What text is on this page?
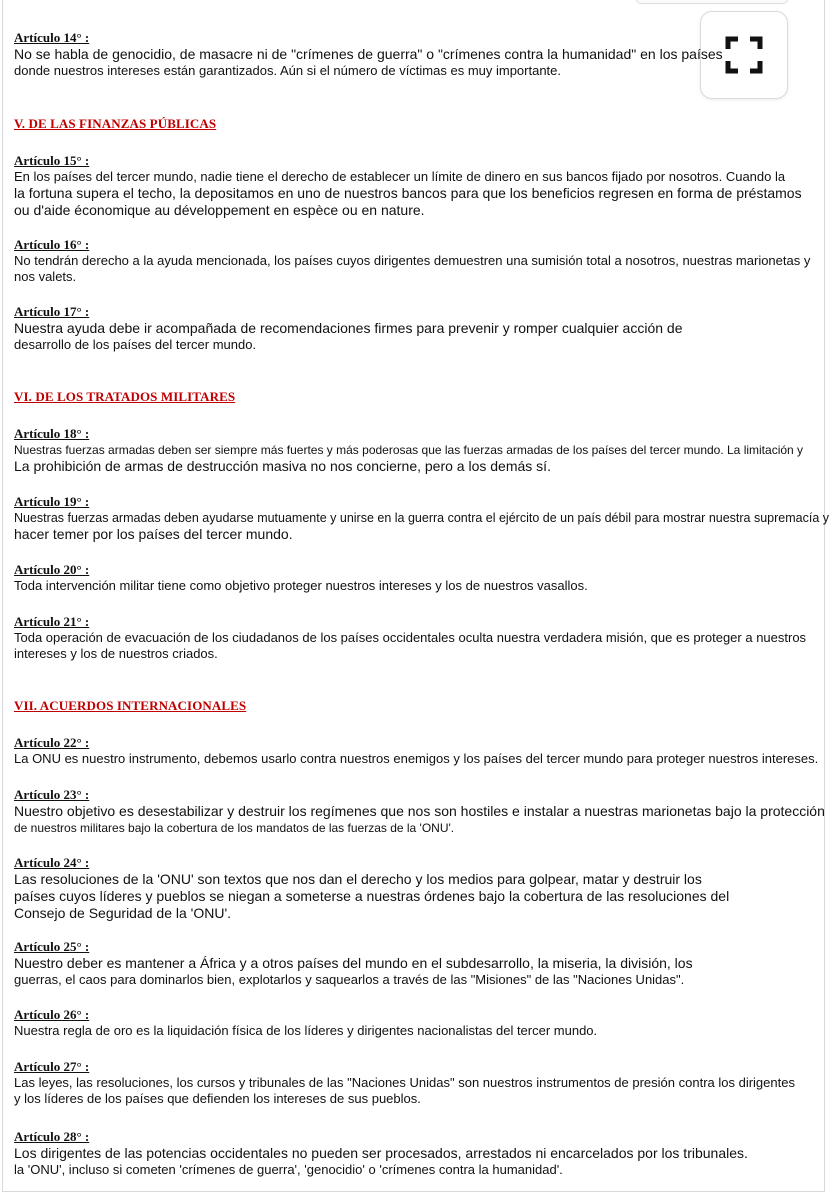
Artículo 14° :
No se habla de genocidio, de masacre ni de "crímenes de guerra" o "crímenes contra la humanidad" en los países
donde nuestros intereses están garantizados. Aún si el número de víctimas es muy importante.
V. DE LAS FINANZAS PÚBLICAS
Artículo 15° :
En los países del tercer mundo, nadie tiene el derecho de establecer un límite de dinero en sus bancos fijado por nosotros. Cuando la
la fortuna supera el techo, la depositamos en uno de nuestros bancos para que los beneficios regresen en forma de préstamos
ou d'aide économique au développement en espèce ou en nature.
Artículo 16° :
No tendrán derecho a la ayuda mencionada, los países cuyos dirigentes demuestren una sumisión total a nosotros, nuestras marionetas y
nos valets.
Artículo 17° :
Nuestra ayuda debe ir acompañada de recomendaciones firmes para prevenir y romper cualquier acción de
desarrollo de los países del tercer mundo.
VI. DE LOS TRATADOS MILITARES
Artículo 18° :
Nuestras fuerzas armadas deben ser siempre más fuertes y más poderosas que las fuerzas armadas de los países del tercer mundo. La limitación y
La prohibición de armas de destrucción masiva no nos concierne, pero a los demás sí.
Artículo 19° :
Nuestras fuerzas armadas deben ayudarse mutuamente y unirse en la guerra contra el ejército de un país débil para mostrar nuestra supremacía y
hacer temer por los países del tercer mundo.
Artículo 20° :
Toda intervención militar tiene como objetivo proteger nuestros intereses y los de nuestros vasallos.
Artículo 21° :
Toda operación de evacuación de los ciudadanos de los países occidentales oculta nuestra verdadera misión, que es proteger a nuestros
intereses y los de nuestros criados.
VII. ACUERDOS INTERNACIONALES
Artículo 22° :
La ONU es nuestro instrumento, debemos usarlo contra nuestros enemigos y los países del tercer mundo para proteger nuestros intereses.
Artículo 23° :
Nuestro objetivo es desestabilizar y destruir los regímenes que nos son hostiles e instalar a nuestras marionetas bajo la protección
de nuestros militares bajo la cobertura de los mandatos de las fuerzas de la 'ONU'.
Artículo 24° :
Las resoluciones de la 'ONU' son textos que nos dan el derecho y los medios para golpear, matar y destruir los
países cuyos líderes y pueblos se niegan a someterse a nuestras órdenes bajo la cobertura de las resoluciones del
Consejo de Seguridad de la 'ONU'.
Artículo 25° :
Nuestro deber es mantener a África y a otros países del mundo en el subdesarrollo, la miseria, la división, los
guerras, el caos para dominarlos bien, explotarlos y saquearlos a través de las "Misiones" de las "Naciones Unidas".
Artículo 26° :
Nuestra regla de oro es la liquidación física de los líderes y dirigentes nacionalistas del tercer mundo.
Artículo 27° :
Las leyes, las resoluciones, los cursos y tribunales de las "Naciones Unidas" son nuestros instrumentos de presión contra los dirigentes
y los líderes de los países que defienden los intereses de sus pueblos.
Artículo 28° :
Los dirigentes de las potencias occidentales no pueden ser procesados, arrestados ni encarcelados por los tribunales.
la 'ONU', incluso si cometen 'crímenes de guerra', 'genocidio' o 'crímenes contra la humanidad'.
